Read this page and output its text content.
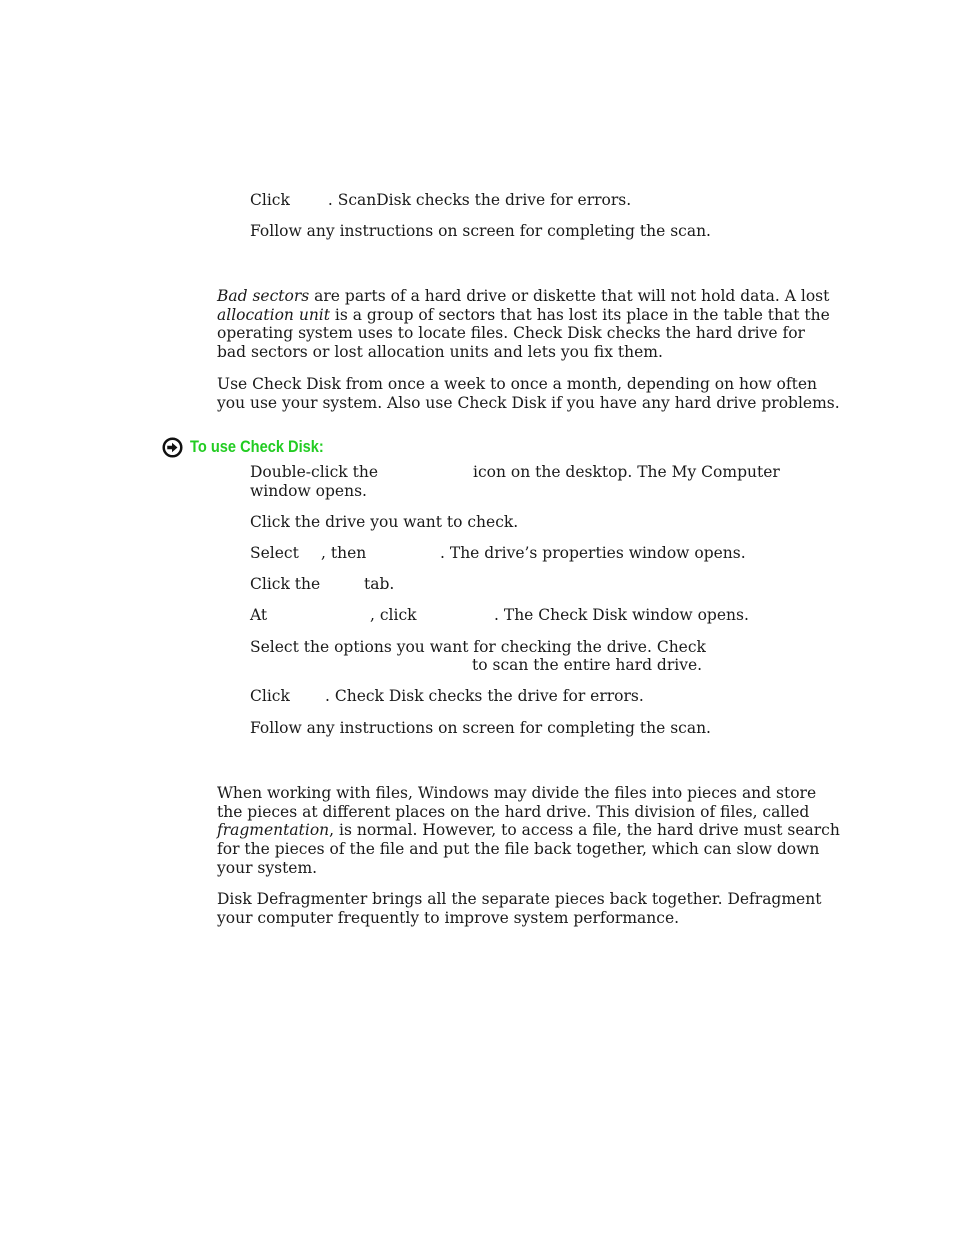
Click . ScanDisk checks the drive for errors.
Follow any instructions on screen for completing the scan.
Bad sectors are parts of a hard drive or diskette that will not hold data. A lost
allocation unit is a group of sectors that has lost its place in the table that the
operating system uses to locate files. Check Disk checks the hard drive for
bad sectors or lost allocation units and lets you fix them.
Use Check Disk from once a week to once a month, depending on how often
you use your system. Also use Check Disk if you have any hard drive problems.
To use Check Disk:
Double-click the	icon on the desktop. The My Computer
window opens.
Click the drive you want to check.
Select , then	. The drive’s properties window opens.
Click the	tab.
At	, click	. The Check Disk window opens.
Select the options you want for checking the drive. Check
to scan the entire hard drive.
Click . Check Disk checks the drive for errors.
Follow any instructions on screen for completing the scan.
When working with files, Windows may divide the files into pieces and store
the pieces at different places on the hard drive. This division of files, called
fragmentation, is normal. However, to access a file, the hard drive must search
for the pieces of the file and put the file back together, which can slow down
your system.
Disk Defragmenter brings all the separate pieces back together. Defragment
your computer frequently to improve system performance.
